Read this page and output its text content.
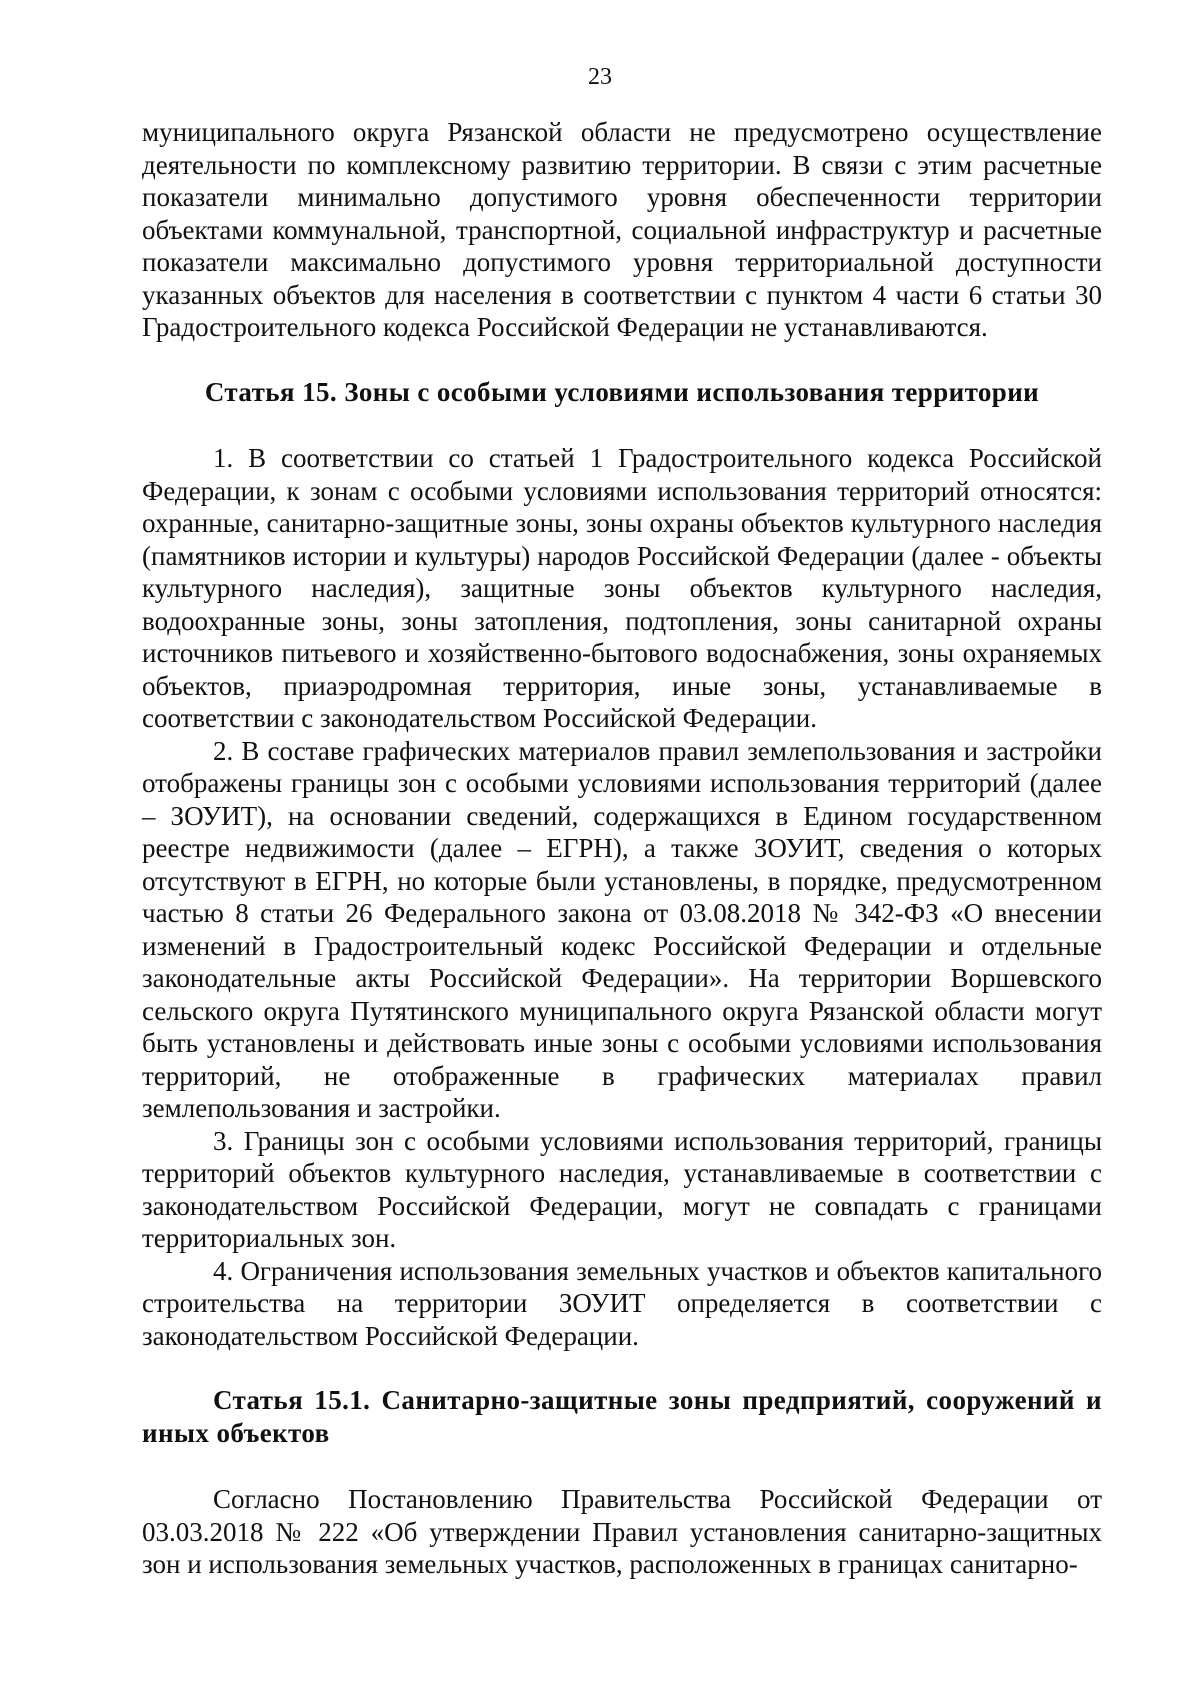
23

муниципального округа Рязанской области не предусмотрено осуществление деятельности по комплексному развитию территории. В связи с этим расчетные показатели минимально допустимого уровня обеспеченности территории объектами коммунальной, транспортной, социальной инфраструктур и расчетные показатели максимально допустимого уровня территориальной доступности указанных объектов для населения в соответствии с пунктом 4 части 6 статьи 30 Градостроительного кодекса Российской Федерации не устанавливаются.

Статья 15. Зоны с особыми условиями использования территории

1. В соответствии со статьей 1 Градостроительного кодекса Российской Федерации, к зонам с особыми условиями использования территорий относятся: охранные, санитарно-защитные зоны, зоны охраны объектов культурного наследия (памятников истории и культуры) народов Российской Федерации (далее - объекты культурного наследия), защитные зоны объектов культурного наследия, водоохранные зоны, зоны затопления, подтопления, зоны санитарной охраны источников питьевого и хозяйственно-бытового водоснабжения, зоны охраняемых объектов, приаэродромная территория, иные зоны, устанавливаемые в соответствии с законодательством Российской Федерации.

2. В составе графических материалов правил землепользования и застройки отображены границы зон с особыми условиями использования территорий (далее – ЗОУИТ), на основании сведений, содержащихся в Едином государственном реестре недвижимости (далее – ЕГРН), а также ЗОУИТ, сведения о которых отсутствуют в ЕГРН, но которые были установлены, в порядке, предусмотренном частью 8 статьи 26 Федерального закона от 03.08.2018 № 342-ФЗ «О внесении изменений в Градостроительный кодекс Российской Федерации и отдельные законодательные акты Российской Федерации». На территории Воршевского сельского округа Путятинского муниципального округа Рязанской области могут быть установлены и действовать иные зоны с особыми условиями использования территорий, не отображенные в графических материалах правил землепользования и застройки.

3. Границы зон с особыми условиями использования территорий, границы территорий объектов культурного наследия, устанавливаемые в соответствии с законодательством Российской Федерации, могут не совпадать с границами территориальных зон.

4. Ограничения использования земельных участков и объектов капитального строительства на территории ЗОУИТ определяется в соответствии с законодательством Российской Федерации.

Статья 15.1. Санитарно-защитные зоны предприятий, сооружений и иных объектов

Согласно Постановлению Правительства Российской Федерации от 03.03.2018 № 222 «Об утверждении Правил установления санитарно-защитных зон и использования земельных участков, расположенных в границах санитарно-
